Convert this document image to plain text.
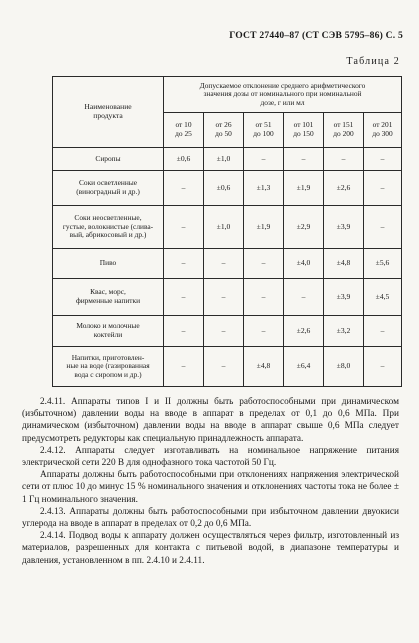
ГОСТ 27440–87 (СТ СЭВ 5795–86) С. 5
Таблица 2
Наименование
продукта	Допускаемое отклонение среднего арифметического
значения дозы от номинального при номинальной
дозе, г или мл					

	от 10
до 25	от 26
до 50	от 51
до 100	от 101
до 150	от 151
до 200	от 201
до 300

Сиропы	±0,6	±1,0	–	–	–	–

Соки осветленные
(виноградный и др.)	–	±0,6	±1,3	±1,9	±2,6	–

Соки неосветленные,
густые, волокнистые (слива-
вый, абрикосовый и др.)	–	±1,0	±1,9	±2,9	±3,9	–

Пиво	–	–	–	±4,0	±4,8	±5,6

Квас, морс,
фирменные напитки	–	–	–	–	±3,9	±4,5

Молоко и молочные
коктейли	–	–	–	±2,6	±3,2	–

Напитки, приготовлен-
ные на воде (газированная
вода с сиропом и др.)	–	–	±4,8	±6,4	±8,0	–

2.4.11. Аппараты типов I и II должны быть работоспособными при динамическом (избыточном) давлении воды на вводе в аппарат в пределах от 0,1 до 0,6 MПa. При динамическом (избыточном) давлении воды на вводе в аппарат свыше 0,6 MПa следует предусмотреть редукторы как специальную принадлежность аппарата.

2.4.12. Аппараты следует изготавливать на номинальное напряжение питания электрической сети 220 В для однофазного тока частотой 50 Гц.

Аппараты должны быть работоспособными при отклонениях напряжения электрической сети от плюс 10 до минус 15 % номинального значения и отклонениях частоты тока не более ± 1 Гц номинального значения.

2.4.13. Аппараты должны быть работоспособными при избыточном давлении двуокиси углерода на вводе в аппарат в пределах от 0,2 до 0,6 MПa.

2.4.14. Подвод воды к аппарату должен осуществляться через фильтр, изготовленный из материалов, разрешенных для контакта с питьевой водой, в диапазоне температуры и давления, установленном в пп. 2.4.10 и 2.4.11.
